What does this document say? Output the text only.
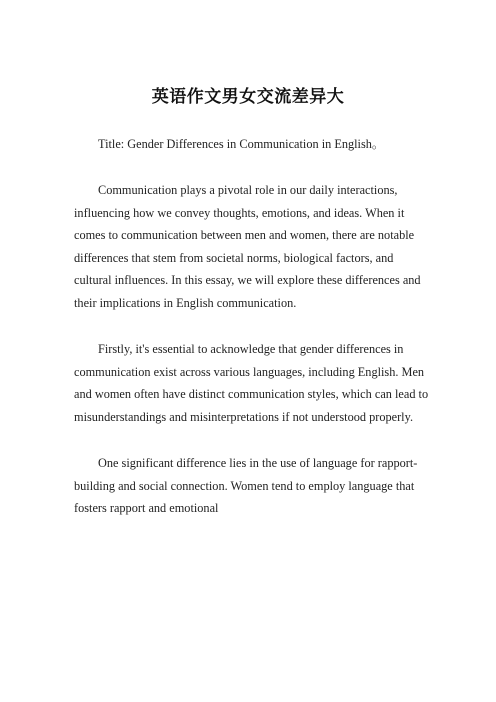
英语作文男女交流差异大
Title: Gender Differences in Communication in English。

Communication plays a pivotal role in our daily interactions, influencing how we convey thoughts, emotions, and ideas. When it comes to communication between men and women, there are notable differences that stem from societal norms, biological factors, and cultural influences. In this essay, we will explore these differences and their implications in English communication.

Firstly, it's essential to acknowledge that gender differences in communication exist across various languages, including English. Men and women often have distinct communication styles, which can lead to misunderstandings and misinterpretations if not understood properly.

One significant difference lies in the use of language for rapport-building and social connection. Women tend to employ language that fosters rapport and emotional
